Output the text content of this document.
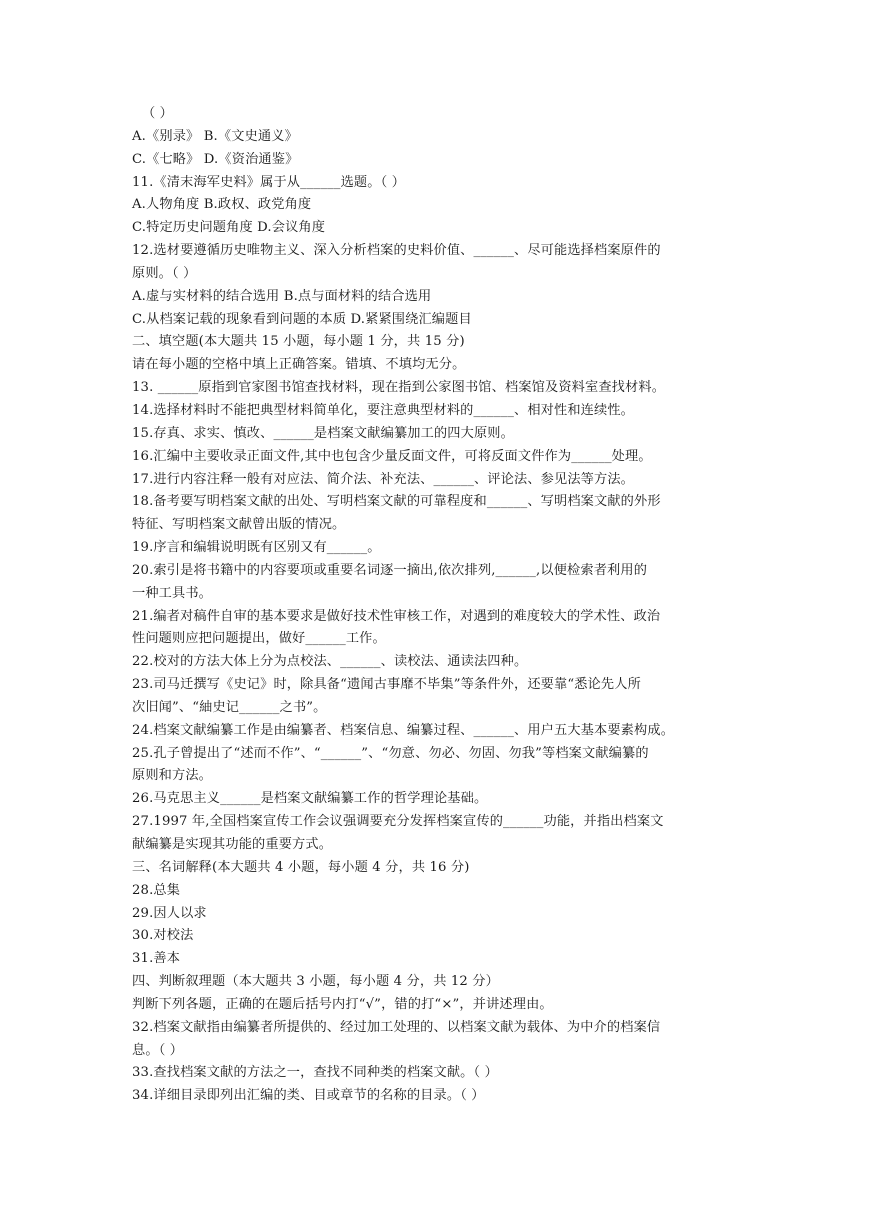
（ ）
A.《别录》 B.《文史通义》
C.《七略》 D.《资治通鉴》
11.《清末海军史料》属于从______选题。（ ）
A.人物角度 B.政权、政党角度
C.特定历史问题角度 D.会议角度
12.选材要遵循历史唯物主义、深入分析档案的史料价值、______、尽可能选择档案原件的
原则。（ ）
A.虚与实材料的结合选用 B.点与面材料的结合选用
C.从档案记载的现象看到问题的本质 D.紧紧围绕汇编题目
二、填空题(本大题共 15 小题，每小题 1 分，共 15 分)
请在每小题的空格中填上正确答案。错填、不填均无分。
13. ______原指到官家图书馆查找材料，现在指到公家图书馆、档案馆及资料室查找材料。
14.选择材料时不能把典型材料简单化，要注意典型材料的______、相对性和连续性。
15.存真、求实、慎改、______是档案文献编纂加工的四大原则。
16.汇编中主要收录正面文件,其中也包含少量反面文件，可将反面文件作为______处理。
17.进行内容注释一般有对应法、简介法、补充法、______、评论法、参见法等方法。
18.备考要写明档案文献的出处、写明档案文献的可靠程度和______、写明档案文献的外形
特征、写明档案文献曾出版的情况。
19.序言和编辑说明既有区别又有______。
20.索引是将书籍中的内容要项或重要名词逐一摘出,依次排列,______,以便检索者利用的
一种工具书。
21.编者对稿件自审的基本要求是做好技术性审核工作，对遇到的难度较大的学术性、政治
性问题则应把问题提出，做好______工作。
22.校对的方法大体上分为点校法、______、读校法、通读法四种。
23.司马迁撰写《史记》时，除具备“遗闻古事靡不毕集”等条件外，还要靠“悉论先人所
次旧闻”、“紬史记______之书”。
24.档案文献编纂工作是由编纂者、档案信息、编纂过程、______、用户五大基本要素构成。
25.孔子曾提出了“述而不作”、“______”、“勿意、勿必、勿固、勿我”等档案文献编纂的
原则和方法。
26.马克思主义______是档案文献编纂工作的哲学理论基础。
27.1997 年,全国档案宣传工作会议强调要充分发挥档案宣传的______功能，并指出档案文
献编纂是实现其功能的重要方式。
三、名词解释(本大题共 4 小题，每小题 4 分，共 16 分)
28.总集
29.因人以求
30.对校法
31.善本
四、判断叙理题（本大题共 3 小题，每小题 4 分，共 12 分）
判断下列各题，正确的在题后括号内打“√”，错的打“×”，并讲述理由。
32.档案文献指由编纂者所提供的、经过加工处理的、以档案文献为载体、为中介的档案信
息。（ ）
33.查找档案文献的方法之一，查找不同种类的档案文献。（ ）
34.详细目录即列出汇编的类、目或章节的名称的目录。（ ）
